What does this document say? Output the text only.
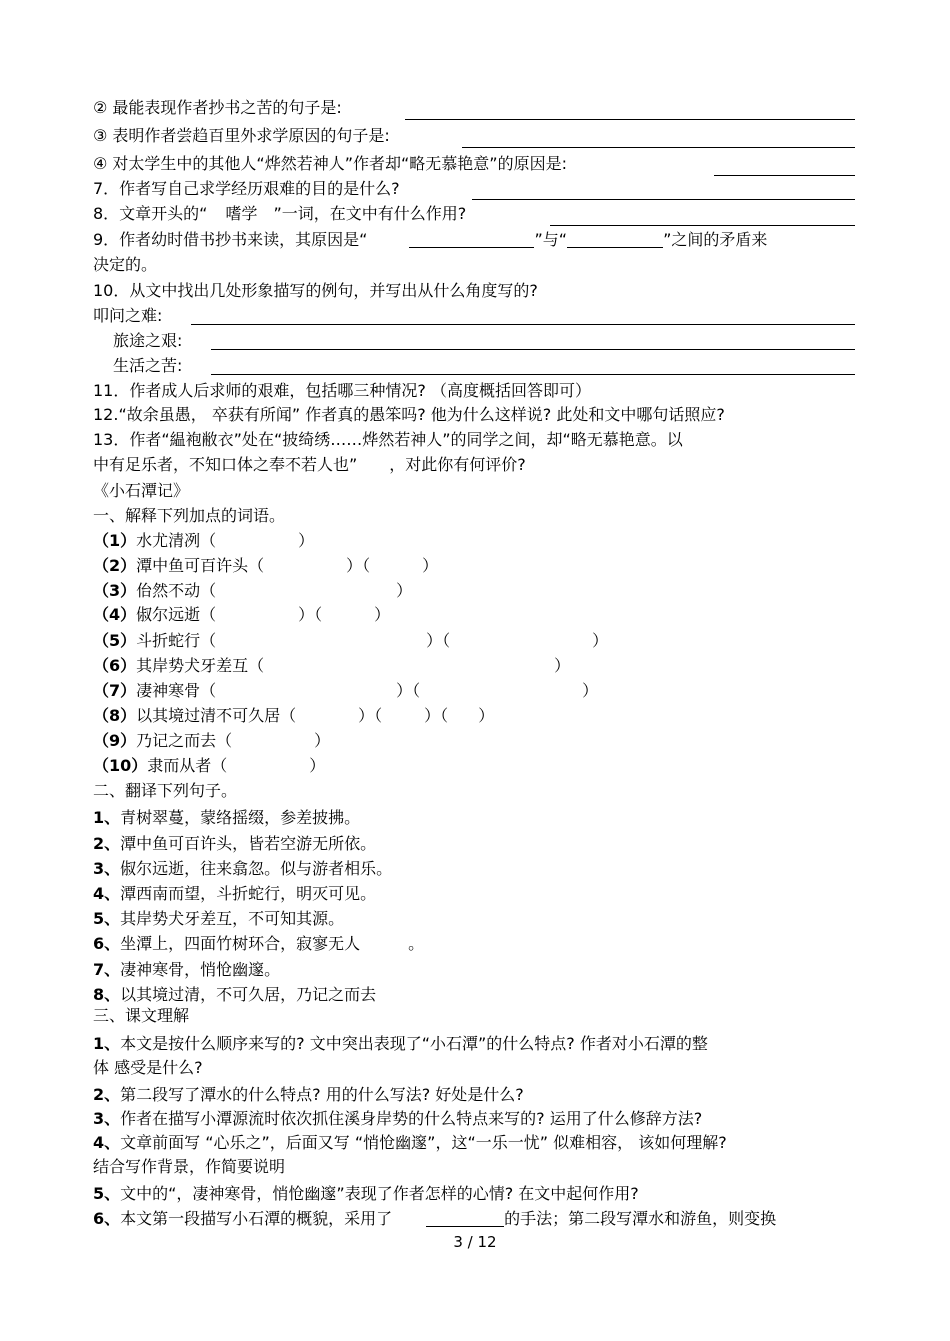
② 最能表现作者抄书之苦的句子是:
③ 表明作者尝趋百里外求学原因的句子是:
④ 对太学生中的其他人“烨然若神人”作者却“略无慕艳意”的原因是:
7．作者写自己求学经历艰难的目的是什么?
8．文章开头的“ 嗜学 ”一词，在文中有什么作用?
9．作者幼时借书抄书来读，其原因是“	”与“	”之间的矛盾来
决定的。
10．从文中找出几处形象描写的例句，并写出从什么角度写的?
叩问之难:
旅途之艰:
生活之苦:
11．作者成人后求师的艰难，包括哪三种情况? （高度概括回答即可）
12.“故余虽愚， 卒获有所闻” 作者真的愚笨吗? 他为什么这样说? 此处和文中哪句话照应?
13．作者“緼袍敝衣”处在“披绮绣……烨然若神人”的同学之间，却“略无慕艳意。以
中有足乐者，不知口体之奉不若人也”　　，对此你有何评价?
《小石潭记》
一、解释下列加点的词语。
（1）水尤清冽（	）
（2）潭中鱼可百许头（	）（	）
（3）佁然不动（	）
（4）俶尔远逝（	）（	）
（5）斗折蛇行（	）（	）
（6）其岸势犬牙差互（	）
（7）凄神寒骨（	）（	）
（8）以其境过清不可久居（	）（	）（ ）
（9）乃记之而去（	）
（10）隶而从者（	）
二、翻译下列句子。
1、青树翠蔓，蒙络摇缀，参差披拂。
2、潭中鱼可百许头，皆若空游无所依。
3、俶尔远逝，往来翕忽。似与游者相乐。
4、潭西南而望，斗折蛇行，明灭可见。
5、其岸势犬牙差互，不可知其源。
6、坐潭上，四面竹树环合，寂寥无人　　　。
7、凄神寒骨，悄怆幽邃。
8、以其境过清，不可久居，乃记之而去
三、课文理解
1、本文是按什么顺序来写的? 文中突出表现了“小石潭”的什么特点? 作者对小石潭的整
体 感受是什么?
2、第二段写了潭水的什么特点? 用的什么写法? 好处是什么?
3、作者在描写小潭源流时依次抓住溪身岸势的什么特点来写的? 运用了什么修辞方法?
4、文章前面写 “心乐之”，后面又写 “悄怆幽邃”，这“一乐一忧” 似难相容， 该如何理解?
结合写作背景，作简要说明
5、文中的“，凄神寒骨，悄怆幽邃”表现了作者怎样的心情? 在文中起何作用?
6、本文第一段描写小石潭的概貌，采用了	的手法；第二段写潭水和游鱼，则变换
3 / 12
